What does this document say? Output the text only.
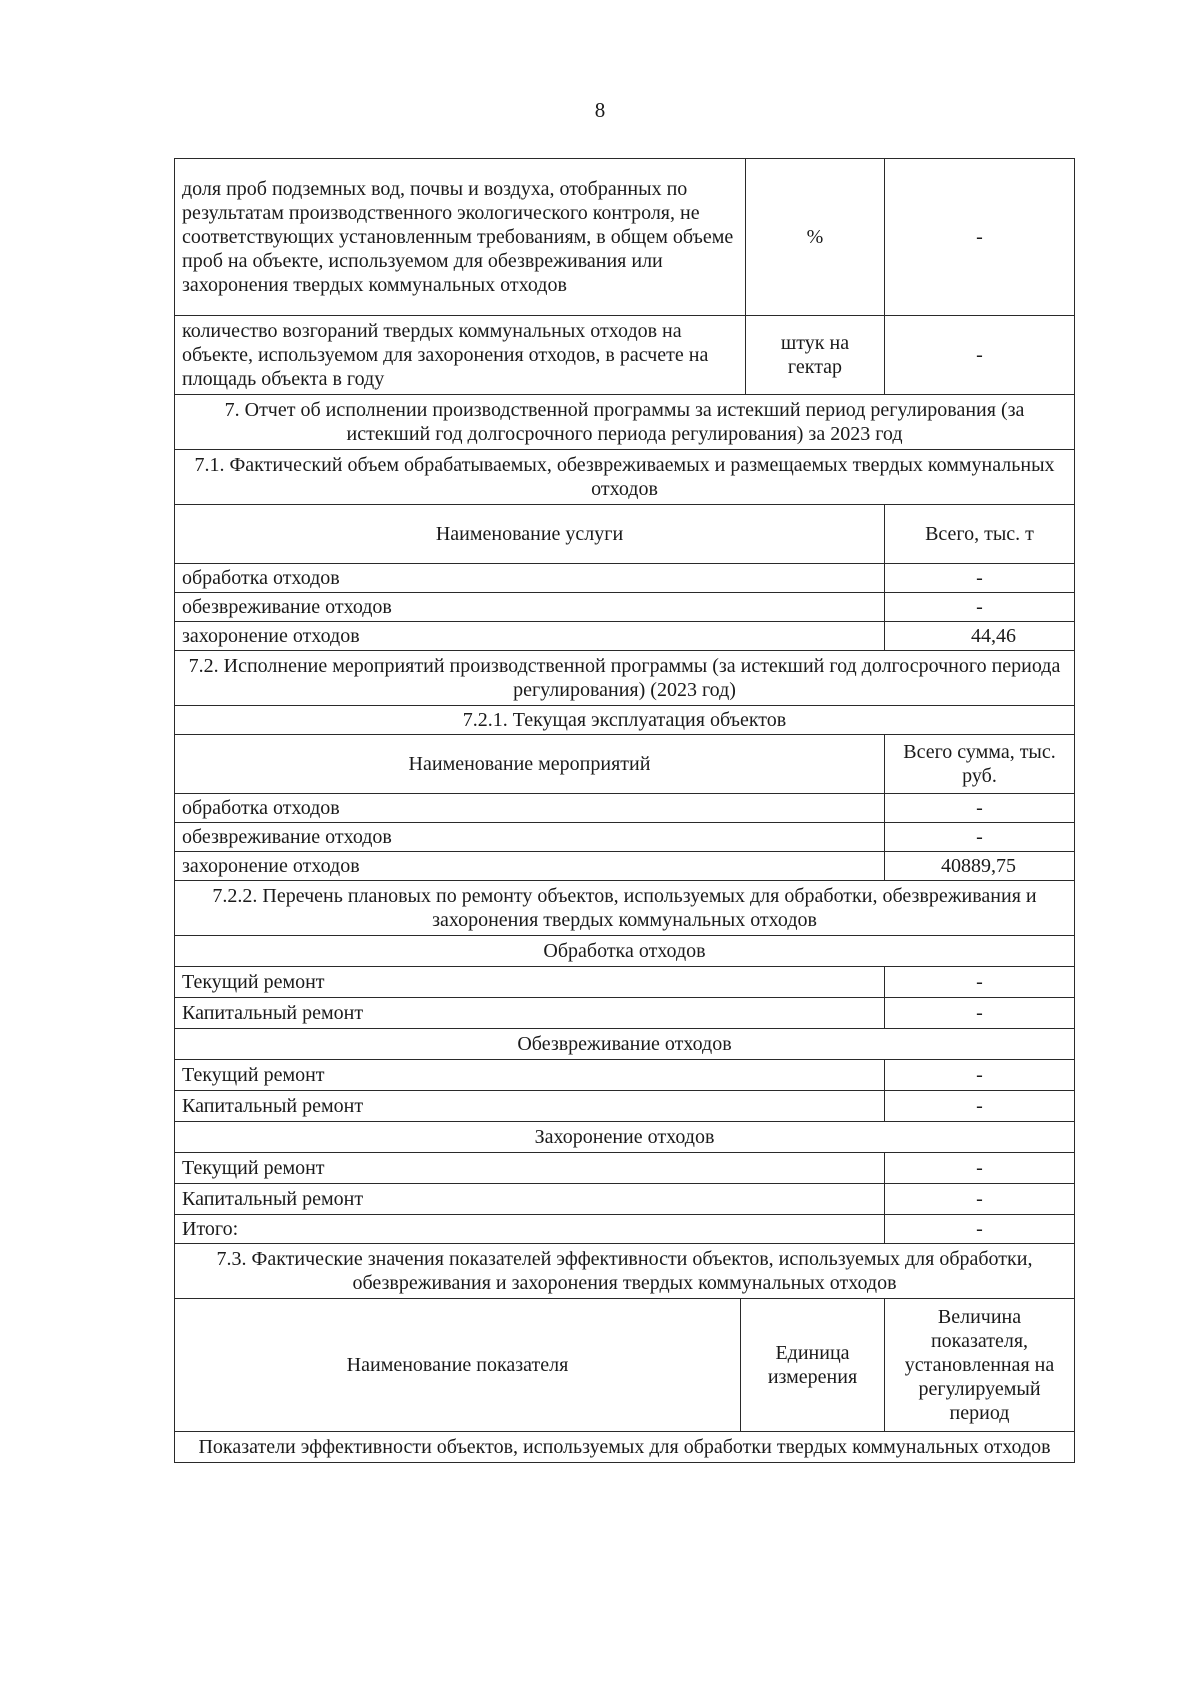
8
доля проб подземных вод, почвы и воздуха, отобранных по результатам производственного экологического контроля, не соответствующих установленным требованиям, в общем объеме проб на объекте, используемом для обезвреживания или захоронения твердых коммунальных отходов	%	-
количество возгораний твердых коммунальных отходов на объекте, используемом для захоронения отходов, в расчете на площадь объекта в году	штук на гектар	-
7. Отчет об исполнении производственной программы за истекший период регулирования (за истекший год долгосрочного периода регулирования) за 2023 год	
7.1. Фактический объем обрабатываемых, обезвреживаемых и размещаемых твердых коммунальных отходов	
Наименование услуги	Всего, тыс. т
обработка отходов	-
обезвреживание отходов	-
захоронение отходов	44,46
7.2. Исполнение мероприятий производственной программы (за истекший год долгосрочного периода регулирования) (2023 год)	
7.2.1. Текущая эксплуатация объектов	
Наименование мероприятий	Всего сумма, тыс. руб.
обработка отходов	-
обезвреживание отходов	-
захоронение отходов	40889,75
7.2.2. Перечень плановых по ремонту объектов, используемых для обработки, обезвреживания и захоронения твердых коммунальных отходов	
Обработка отходов	
Текущий ремонт	-
Капитальный ремонт	-
Обезвреживание отходов	
Текущий ремонт	-
Капитальный ремонт	-
Захоронение отходов	
Текущий ремонт	-
Капитальный ремонт	-
Итого:	-
7.3. Фактические значения показателей эффективности объектов, используемых для обработки, обезвреживания и захоронения твердых коммунальных отходов	
Наименование показателя	Единица измерения	Величина показателя, установленная на регулируемый период
Показатели эффективности объектов, используемых для обработки твердых коммунальных отходов
